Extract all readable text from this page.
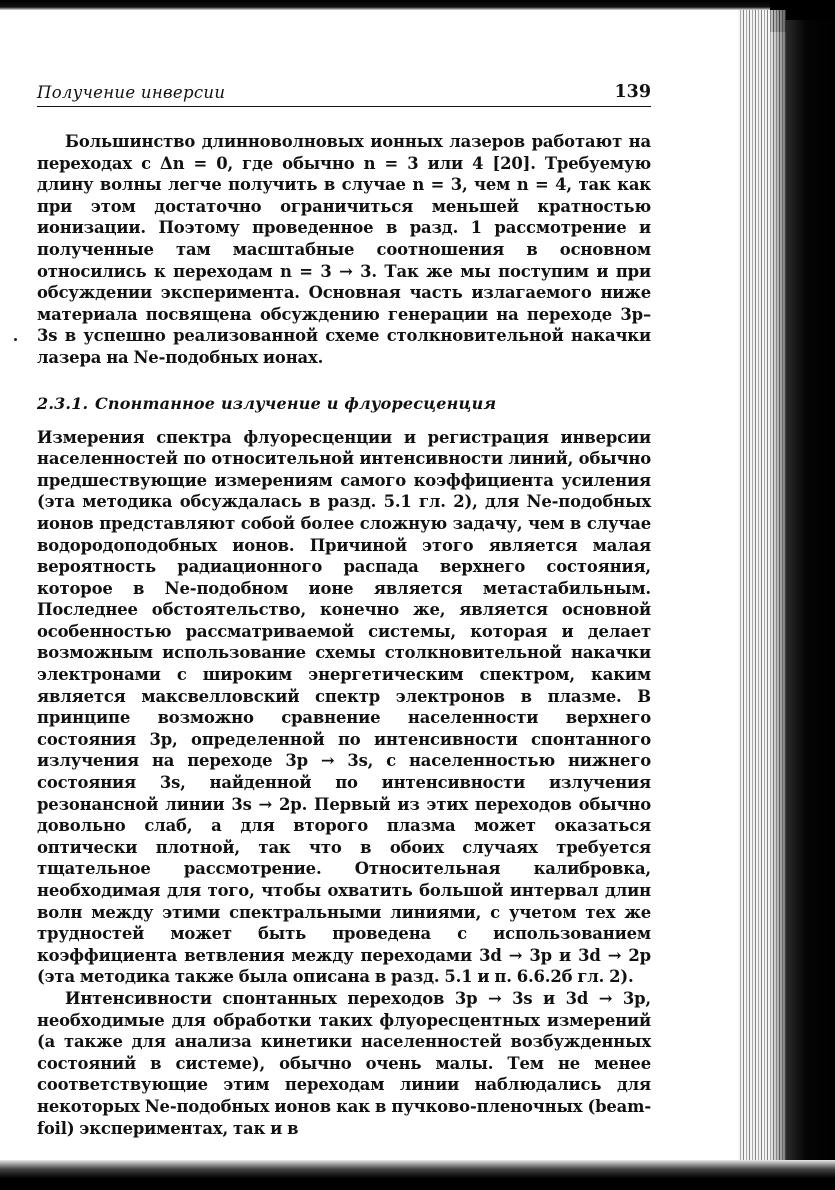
Получение инверсии	139

Большинство длинноволновых ионных лазеров работают на переходах с Δn = 0, где обычно n = 3 или 4 [20]. Требуемую длину волны легче получить в случае n = 3, чем n = 4, так как при этом достаточно ограничиться меньшей кратностью ионизации. Поэтому проведенное в разд. 1 рассмотрение и полученные там масштабные соотношения в основном относились к переходам n = 3 → 3. Так же мы поступим и при обсуждении эксперимента. Основная часть излагаемого ниже материала посвящена обсуждению генерации на переходе 3p–3s в успешно реализованной схеме столкновительной накачки лазера на Ne-подобных ионах.

2.3.1. Спонтанное излучение и флуоресценция

Измерения спектра флуоресценции и регистрация инверсии населенностей по относительной интенсивности линий, обычно предшествующие измерениям самого коэффициента усиления (эта методика обсуждалась в разд. 5.1 гл. 2), для Ne-подобных ионов представляют собой более сложную задачу, чем в случае водородоподобных ионов. Причиной этого является малая вероятность радиационного распада верхнего состояния, которое в Ne-подобном ионе является метастабильным. Последнее обстоятельство, конечно же, является основной особенностью рассматриваемой системы, которая и делает возможным использование схемы столкновительной накачки электронами с широким энергетическим спектром, каким является максвелловский спектр электронов в плазме. В принципе возможно сравнение населенности верхнего состояния 3p, определенной по интенсивности спонтанного излучения на переходе 3p → 3s, с населенностью нижнего состояния 3s, найденной по интенсивности излучения резонансной линии 3s → 2p. Первый из этих переходов обычно довольно слаб, а для второго плазма может оказаться оптически плотной, так что в обоих случаях требуется тщательное рассмотрение. Относительная калибровка, необходимая для того, чтобы охватить большой интервал длин волн между этими спектральными линиями, с учетом тех же трудностей может быть проведена с использованием коэффициента ветвления между переходами 3d → 3p и 3d → 2p (эта методика также была описана в разд. 5.1 и п. 6.6.2б гл. 2).

Интенсивности спонтанных переходов 3p → 3s и 3d → 3p, необходимые для обработки таких флуоресцентных измерений (а также для анализа кинетики населенностей возбужденных состояний в системе), обычно очень малы. Тем не менее соответствующие этим переходам линии наблюдались для некоторых Ne-подобных ионов как в пучково-пленочных (beam-foil) экспериментах, так и в
